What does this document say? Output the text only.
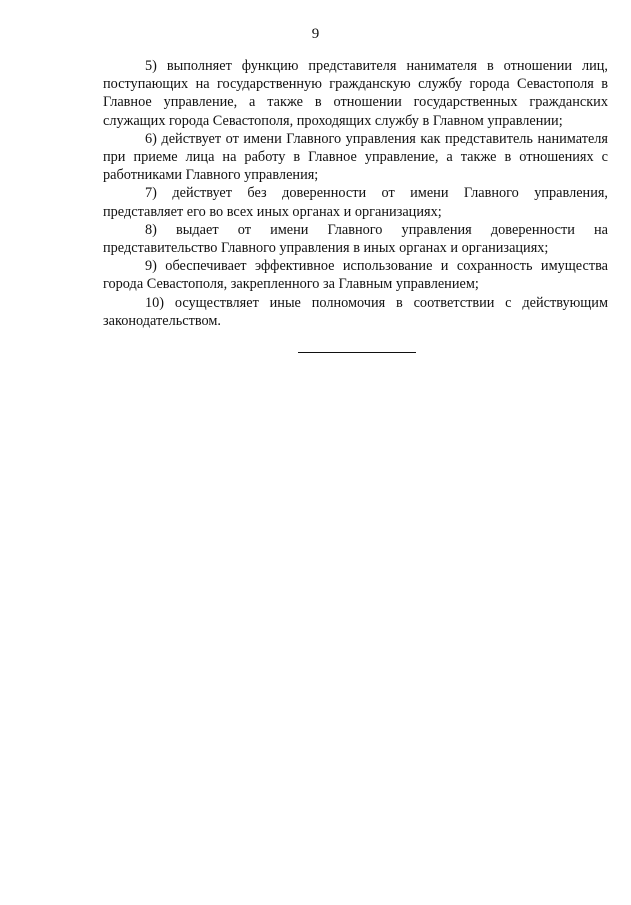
9

5) выполняет функцию представителя нанимателя в отношении лиц, поступающих на государственную гражданскую службу города Севастополя в Главное управление, а также в отношении государственных гражданских служащих города Севастополя, проходящих службу в Главном управлении;

6) действует от имени Главного управления как представитель нанимателя при приеме лица на работу в Главное управление, а также в отношениях с работниками Главного управления;

7) действует без доверенности от имени Главного управления, представляет его во всех иных органах и организациях;

8) выдает от имени Главного управления доверенности на представительство Главного управления в иных органах и организациях;

9) обеспечивает эффективное использование и сохранность имущества города Севастополя, закрепленного за Главным управлением;

10) осуществляет иные полномочия в соответствии с действующим законодательством.
